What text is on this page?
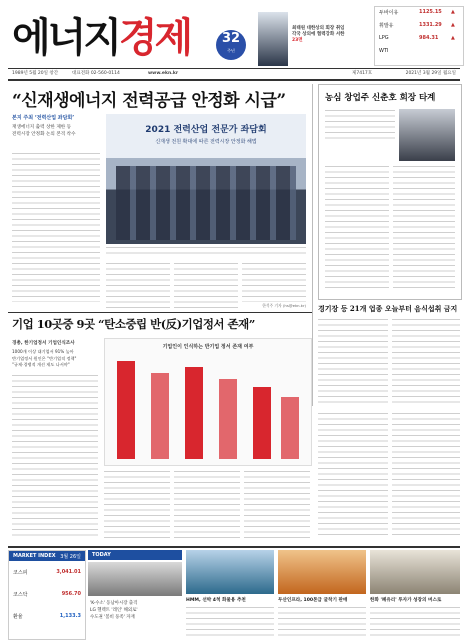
에너지경제	32
주년
최태원 대한상의 회장 취임
각국 상의에 협력강화 서한
23면
두바이유	1125.15 ▲
휘발유	1331.29 ▲
LPG	984.31	▲
WTI
1989년 5월 20일 창간	대표전화 02-560-0114	www.ekn.kr	제7417호	2021년 3월 29일 월요일
“신재생에너지 전력공급 안정화 시급”
본지 주최 ‘전력산업 좌담회’
재생에너지 출력 상한 제한 등
전력시장 안정화 논의 본격 착수	2021 전력산업 전문가 좌담회
신재생 전원 확대에 따른 전력시장 안정화 해법
한석주 기자 (hs@ekn.kr)
농심 창업주 신춘호 회장 타계
경기장 등 21개 업종 오늘부터 음식섭취 금지
기업 10곳중 9곳 “탄소중립 반(反)기업정서 존재”
경총, 한기업정서 기업인식조사
1000개 이상 대기업서 91% 높아
반기업정서 원인은 "반기업적 정책"
"규제·경쟁적 개선 제도 나서야"
기업인이 인식하는 반기업 정서 존재 여부
MARKET INDEX 3월 26일
코스피	3,041.01
코스닥	956.70
환율	1,133.3
TODAY
'K-수소' 동남아시장 출격
LG 헬렉트 '레인' 해외로'
수도권 '봄비 풍족' 자재
HMM, 선박 4척 화물용 추천	두산인프라, 100톤급 굴착기 판매	한화 '폐유리' 투자가 성장의 버스로
